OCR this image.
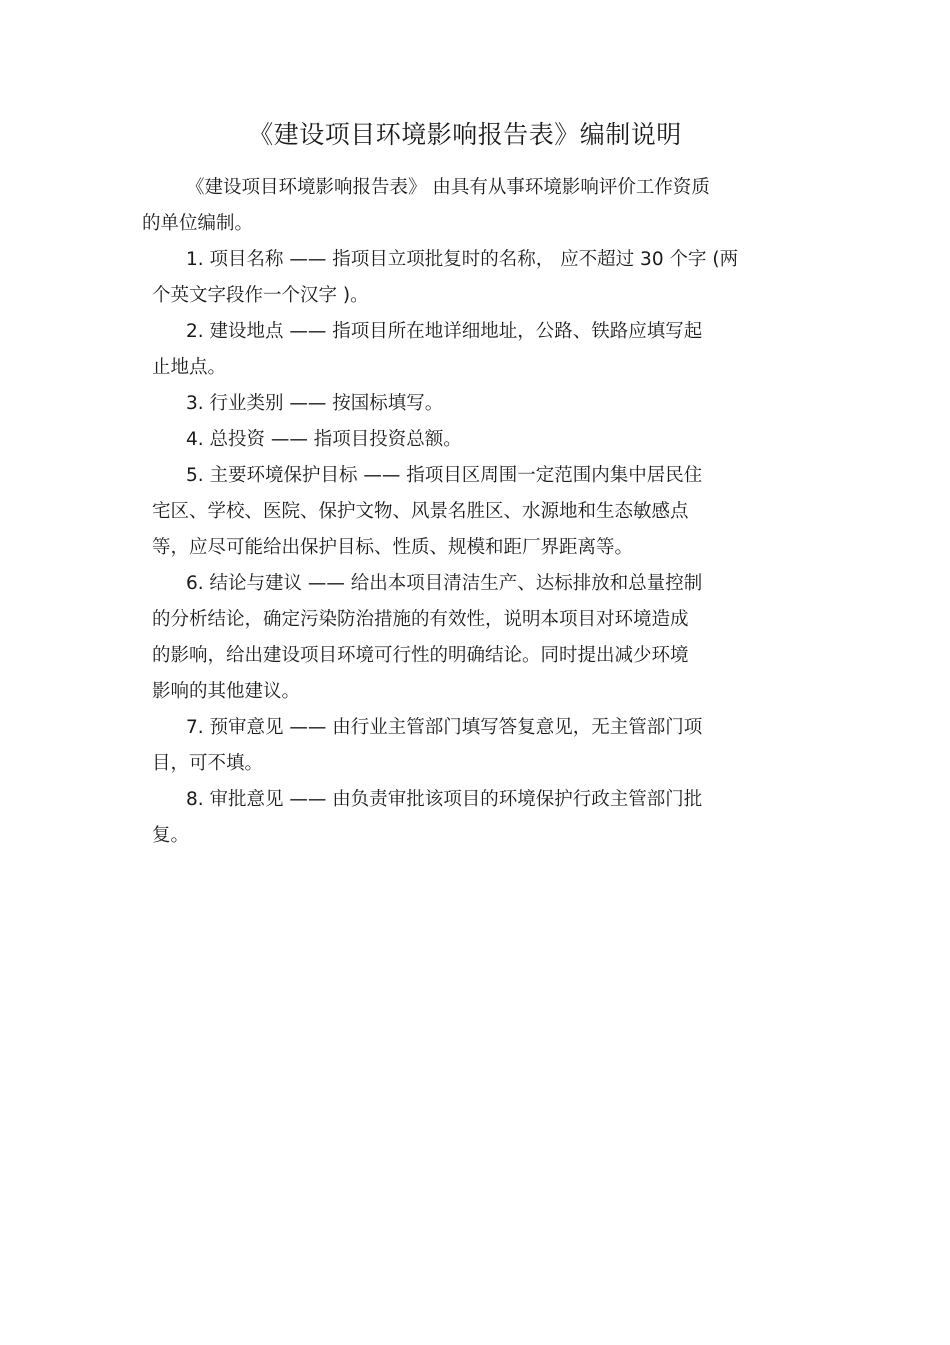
《建设项目环境影响报告表》编制说明
《建设项目环境影响报告表》 由具有从事环境影响评价工作资质
的单位编制。
1. 项目名称 —— 指项目立项批复时的名称， 应不超过 30 个字 (两
个英文字段作一个汉字 )。
2. 建设地点 —— 指项目所在地详细地址，公路、铁路应填写起
止地点。
3. 行业类别 —— 按国标填写。
4. 总投资 —— 指项目投资总额。
5. 主要环境保护目标 —— 指项目区周围一定范围内集中居民住
宅区、学校、医院、保护文物、风景名胜区、水源地和生态敏感点
等，应尽可能给出保护目标、性质、规模和距厂界距离等。
6. 结论与建议 —— 给出本项目清洁生产、达标排放和总量控制
的分析结论，确定污染防治措施的有效性，说明本项目对环境造成
的影响，给出建设项目环境可行性的明确结论。同时提出减少环境
影响的其他建议。
7. 预审意见 —— 由行业主管部门填写答复意见，无主管部门项
目，可不填。
8. 审批意见 —— 由负责审批该项目的环境保护行政主管部门批
复。
